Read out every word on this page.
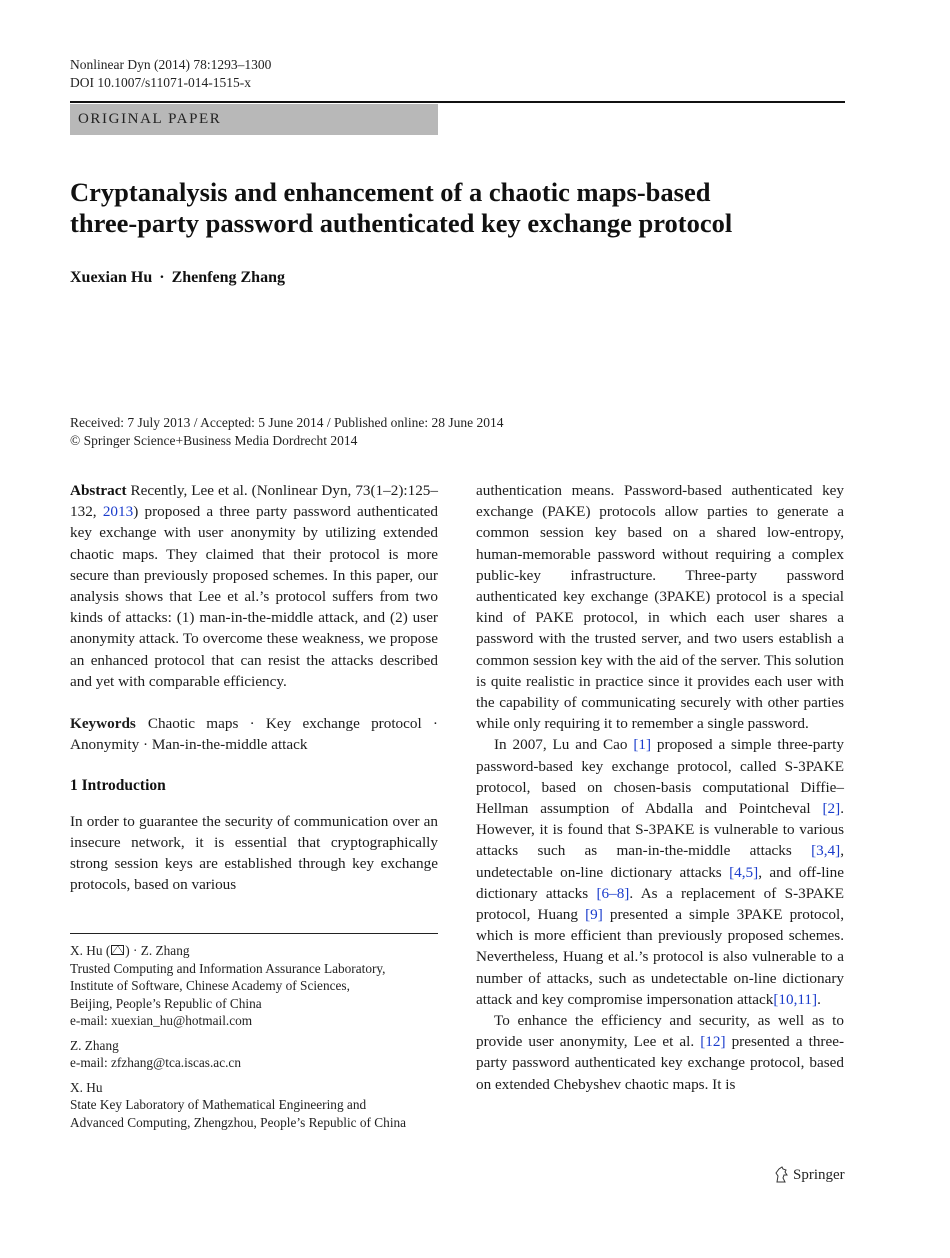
Nonlinear Dyn (2014) 78:1293–1300
DOI 10.1007/s11071-014-1515-x
ORIGINAL PAPER
Cryptanalysis and enhancement of a chaotic maps-based
three-party password authenticated key exchange protocol
Xuexian Hu · Zhenfeng Zhang
Received: 7 July 2013 / Accepted: 5 June 2014 / Published online: 28 June 2014
© Springer Science+Business Media Dordrecht 2014

Abstract Recently, Lee et al. (Nonlinear Dyn, 73(1–2):125–132, 2013) proposed a three party password authenticated key exchange with user anonymity by utilizing extended chaotic maps. They claimed that their protocol is more secure than previously proposed schemes. In this paper, our analysis shows that Lee et al.’s protocol suffers from two kinds of attacks: (1) man-in-the-middle attack, and (2) user anonymity attack. To overcome these weakness, we propose an enhanced protocol that can resist the attacks described and yet with comparable efficiency.

Keywords Chaotic maps · Key exchange protocol · Anonymity · Man-in-the-middle attack

1 Introduction

In order to guarantee the security of communication over an insecure network, it is essential that cryptographically strong session keys are established through key exchange protocols, based on various

X. Hu ( ) · Z. Zhang
Trusted Computing and Information Assurance Laboratory,
Institute of Software, Chinese Academy of Sciences,
Beijing, People’s Republic of China
e-mail: xuexian_hu@hotmail.com
Z. Zhang
e-mail: zfzhang@tca.iscas.ac.cn
X. Hu
State Key Laboratory of Mathematical Engineering and
Advanced Computing, Zhengzhou, People’s Republic of China

authentication means. Password-based authenticated key exchange (PAKE) protocols allow parties to generate a common session key based on a shared low-entropy, human-memorable password without requiring a complex public-key infrastructure. Three-party password authenticated key exchange (3PAKE) protocol is a special kind of PAKE protocol, in which each user shares a password with the trusted server, and two users establish a common session key with the aid of the server. This solution is quite realistic in practice since it provides each user with the capability of communicating securely with other parties while only requiring it to remember a single password.

In 2007, Lu and Cao [1] proposed a simple three-party password-based key exchange protocol, called S-3PAKE protocol, based on chosen-basis computational Diffie–Hellman assumption of Abdalla and Pointcheval [2]. However, it is found that S-3PAKE is vulnerable to various attacks such as man-in-the-middle attacks [3,4], undetectable on-line dictionary attacks [4,5], and off-line dictionary attacks [6–8]. As a replacement of S-3PAKE protocol, Huang [9] presented a simple 3PAKE protocol, which is more efficient than previously proposed schemes. Nevertheless, Huang et al.’s protocol is also vulnerable to a number of attacks, such as undetectable on-line dictionary attack and key compromise impersonation attack[10,11].

To enhance the efficiency and security, as well as to provide user anonymity, Lee et al. [12] presented a three-party password authenticated key exchange protocol, based on extended Chebyshev chaotic maps. It is

Springer
